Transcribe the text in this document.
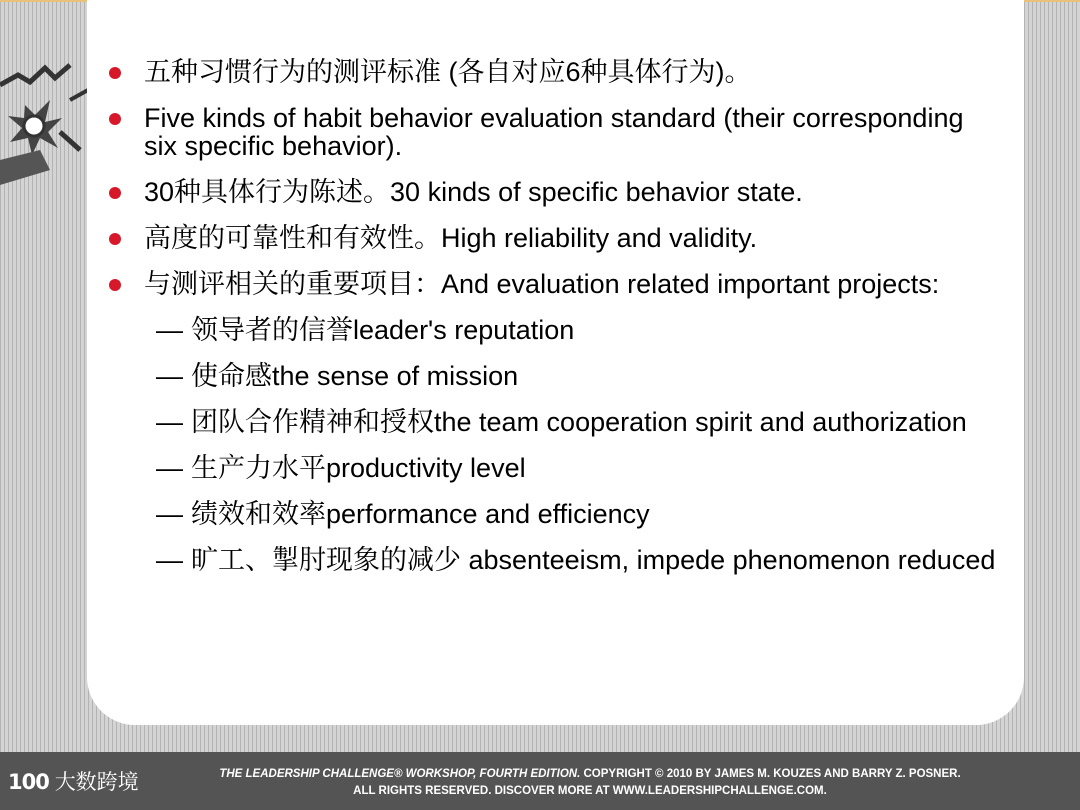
五种习惯行为的测评标准 (各自对应6种具体行为)。
Five kinds of habit behavior evaluation standard (their corresponding six specific behavior).
30种具体行为陈述。30 kinds of specific behavior state.
高度的可靠性和有效性。High reliability and validity.
与测评相关的重要项目：And evaluation related important projects:
— 领导者的信誉leader's reputation
— 使命感the sense of mission
— 团队合作精神和授权the team cooperation spirit and authorization
— 生产力水平productivity level
— 绩效和效率performance and efficiency
— 旷工、掣肘现象的减少 absenteeism, impede phenomenon reduced
100 大数跨境	THE LEADERSHIP CHALLENGE® WORKSHOP, FOURTH EDITION. COPYRIGHT © 2010 BY JAMES M. KOUZES AND BARRY Z. POSNER.
ALL RIGHTS RESERVED. DISCOVER MORE AT WWW.LEADERSHIPCHALLENGE.COM.
